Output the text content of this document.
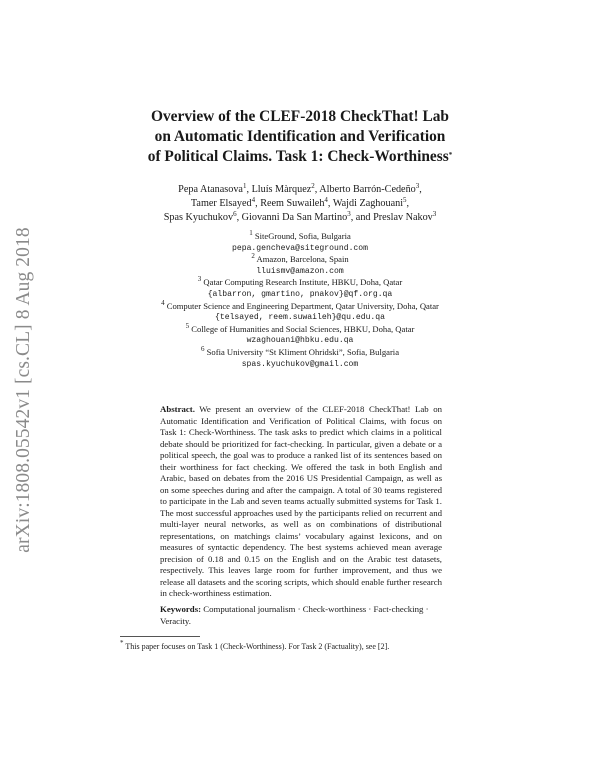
arXiv:1808.05542v1 [cs.CL] 8 Aug 2018
Overview of the CLEF-2018 CheckThat! Lab
on Automatic Identification and Verification
of Political Claims. Task 1: Check-Worthiness*
Pepa Atanasova$^1$, Lluís Màrquez$^2$, Alberto Barrón-Cedeño$^3$,
Tamer Elsayed$^4$, Reem Suwaileh$^4$, Wajdi Zaghouani$^5$,
Spas Kyuchukov$^6$, Giovanni Da San Martino$^3$, and Preslav Nakov$^3$
$^1$ SiteGround, Sofia, Bulgaria
pepa.gencheva@siteground.com
$^2$ Amazon, Barcelona, Spain
lluismv@amazon.com
$^3$ Qatar Computing Research Institute, HBKU, Doha, Qatar
{albarron, gmartino, pnakov}@qf.org.qa
$^4$ Computer Science and Engineering Department, Qatar University, Doha, Qatar
{telsayed, reem.suwaileh}@qu.edu.qa
$^5$ College of Humanities and Social Sciences, HBKU, Doha, Qatar
wzaghouani@hbku.edu.qa
$^6$ Sofia University “St Kliment Ohridski”, Sofia, Bulgaria
spas.kyuchukov@gmail.com
Abstract. We present an overview of the CLEF-2018 CheckThat! Lab on Automatic Identification and Verification of Political Claims, with focus on Task 1: Check-Worthiness. The task asks to predict which claims in a political debate should be prioritized for fact-checking. In particular, given a debate or a political speech, the goal was to produce a ranked list of its sentences based on their worthiness for fact checking. We offered the task in both English and Arabic, based on debates from the 2016 US Presidential Campaign, as well as on some speeches during and after the campaign. A total of 30 teams registered to participate in the Lab and seven teams actually submitted systems for Task 1. The most successful approaches used by the participants relied on recurrent and multi-layer neural networks, as well as on combinations of distributional representations, on matchings claims’ vocabulary against lexicons, and on measures of syntactic dependency. The best systems achieved mean average precision of 0.18 and 0.15 on the English and on the Arabic test datasets, respectively. This leaves large room for further improvement, and thus we release all datasets and the scoring scripts, which should enable further research in check-worthiness estimation.
Keywords: Computational journalism · Check-worthiness · Fact-checking · Veracity.
* This paper focuses on Task 1 (Check-Worthiness). For Task 2 (Factuality), see [2].
